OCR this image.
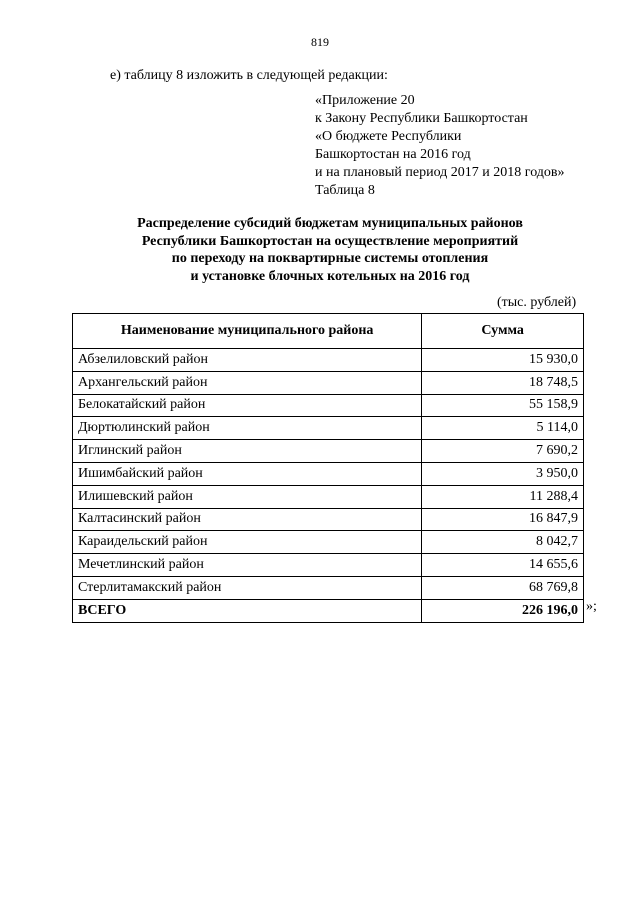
819
е) таблицу 8 изложить в следующей редакции:
«Приложение 20
к Закону Республики Башкортостан
«О бюджете Республики
Башкортостан на 2016 год
и на плановый период 2017 и 2018 годов»
Таблица 8
Распределение субсидий бюджетам муниципальных районов
Республики Башкортостан на осуществление мероприятий
по переходу на поквартирные системы отопления
и установке блочных котельных на 2016 год
(тыс. рублей)
Наименование муниципального района	Сумма
Абзелиловский район	15 930,0
Архангельский район	18 748,5
Белокатайский район	55 158,9
Дюртюлинский район	5 114,0
Иглинский район	7 690,2
Ишимбайский район	3 950,0
Илишевский район	11 288,4
Калтасинский район	16 847,9
Караидельский район	8 042,7
Мечетлинский район	14 655,6
Стерлитамакский район	68 769,8
ВСЕГО	226 196,0 »;
